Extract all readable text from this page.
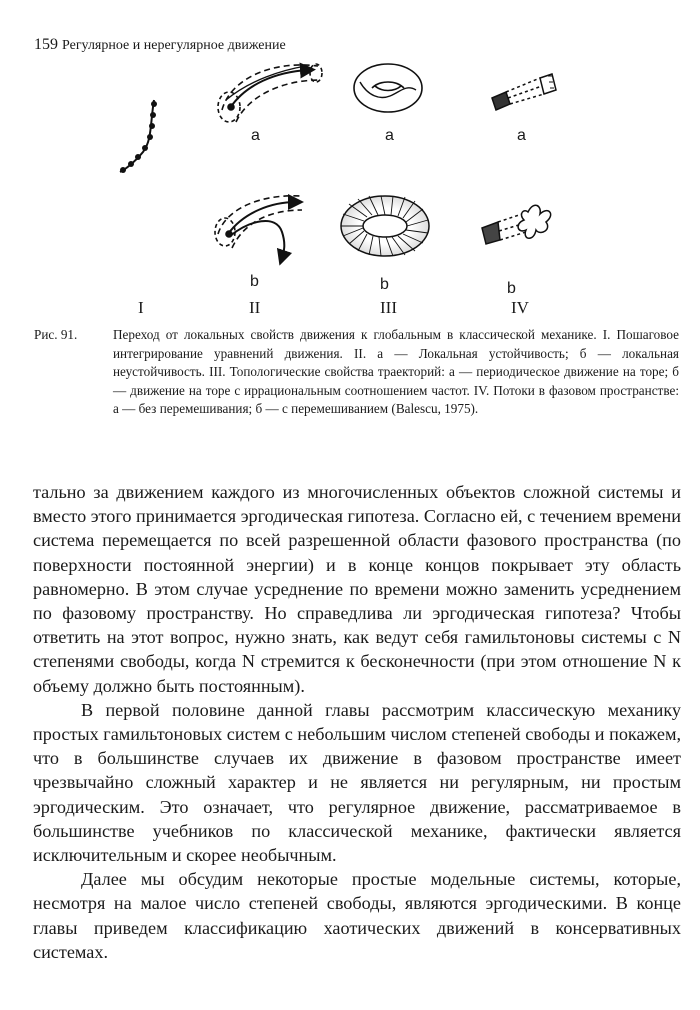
159 Регулярное и нерегулярное движение
a	a	a
b	b	b
I	II	III	IV
Рис. 91.	Переход от локальных свойств движения к глобальным в классической механике. I. Пошаговое интегрирование уравнений движения. II. а — Локальная устойчивость; б — локальная неустойчивость. III. Топологические свойства траекторий: а — периодическое движение на торе; б — движение на торе с иррациональным соотношением частот. IV. Потоки в фазовом пространстве: а — без перемешивания; б — с перемешиванием (Balescu, 1975).

тально за движением каждого из многочисленных объектов сложной системы и вместо этого принимается эргодическая гипотеза. Согласно ей, с течением времени система перемещается по всей разрешенной области фазового пространства (по поверхности постоянной энергии) и в конце концов покрывает эту область равномерно. В этом случае усреднение по времени можно заменить усреднением по фазовому пространству. Но справедлива ли эргодическая гипотеза? Чтобы ответить на этот вопрос, нужно знать, как ведут себя гамильтоновы системы с N степенями свободы, когда N стремится к бесконечности (при этом отношение N к объему должно быть постоянным).

В первой половине данной главы рассмотрим классическую механику простых гамильтоновых систем с небольшим числом степеней свободы и покажем, что в большинстве случаев их движение в фазовом пространстве имеет чрезвычайно сложный характер и не является ни регулярным, ни простым эргодическим. Это означает, что регулярное движение, рассматриваемое в большинстве учебников по классической механике, фактически является исключительным и скорее необычным.

Далее мы обсудим некоторые простые модельные системы, которые, несмотря на малое число степеней свободы, являются эргодическими. В конце главы приведем классификацию хаотических движений в консервативных системах.
